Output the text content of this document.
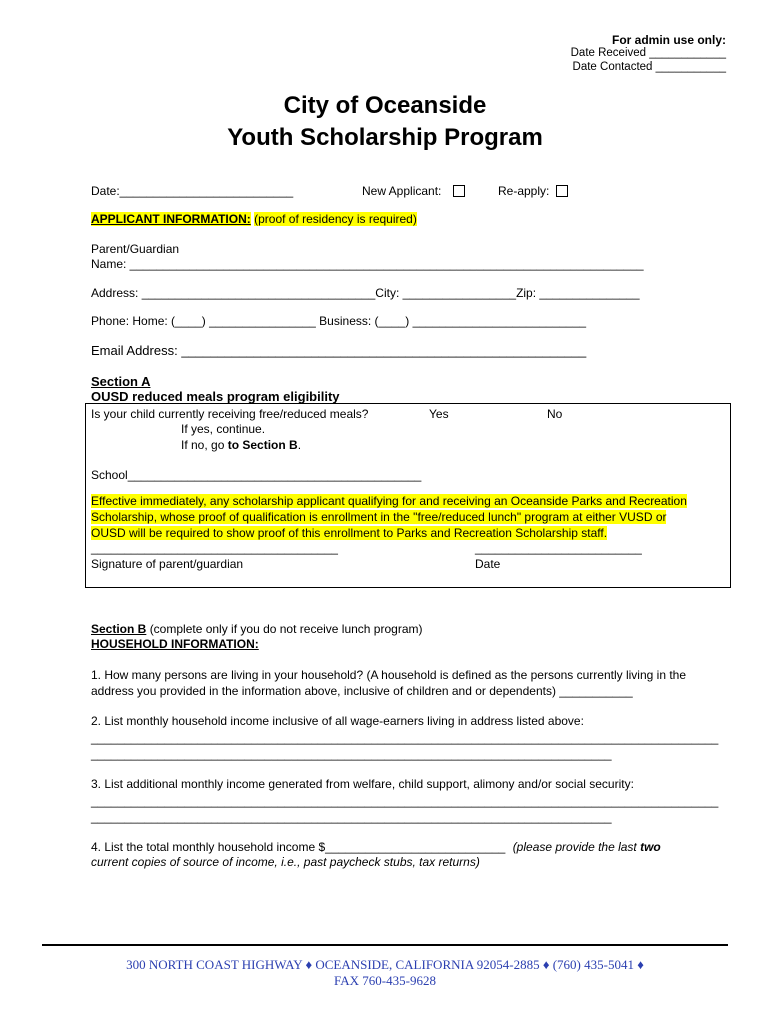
For admin use only:
Date Received ____________
Date Contacted ___________
City of Oceanside
Youth Scholarship Program
Date:__________________________	New Applicant:	Re-apply:
APPLICANT INFORMATION: (proof of residency is required)
Parent/Guardian
Name: _____________________________________________________________________________
Address: ___________________________________City: _________________Zip: _______________
Phone: Home: (____) ________________ Business: (____) __________________________
Email Address: ________________________________________________________
Section A
OUSD reduced meals program eligibility
Is your child currently receiving free/reduced meals?	Yes	No
If yes, continue.
If no, go to Section B.
School____________________________________________
Effective immediately, any scholarship applicant qualifying for and receiving an Oceanside Parks and Recreation
Scholarship, whose proof of qualification is enrollment in the "free/reduced lunch" program at either VUSD or
OUSD will be required to show proof of this enrollment to Parks and Recreation Scholarship staff.
_____________________________________	_________________________
Signature of parent/guardian	Date
Section B (complete only if you do not receive lunch program)
HOUSEHOLD INFORMATION:
1. How many persons are living in your household? (A household is defined as the persons currently living in the
address you provided in the information above, inclusive of children and or dependents) ___________
2. List monthly household income inclusive of all wage-earners living in address listed above:
______________________________________________________________________________________________
______________________________________________________________________________
3. List additional monthly income generated from welfare, child support, alimony and/or social security:
______________________________________________________________________________________________
______________________________________________________________________________
4. List the total monthly household income $___________________________ (please provide the last two
current copies of source of income, i.e., past paycheck stubs, tax returns)
300 NORTH COAST HIGHWAY ♦ OCEANSIDE, CALIFORNIA 92054-2885 ♦ (760) 435-5041 ♦
FAX 760-435-9628
